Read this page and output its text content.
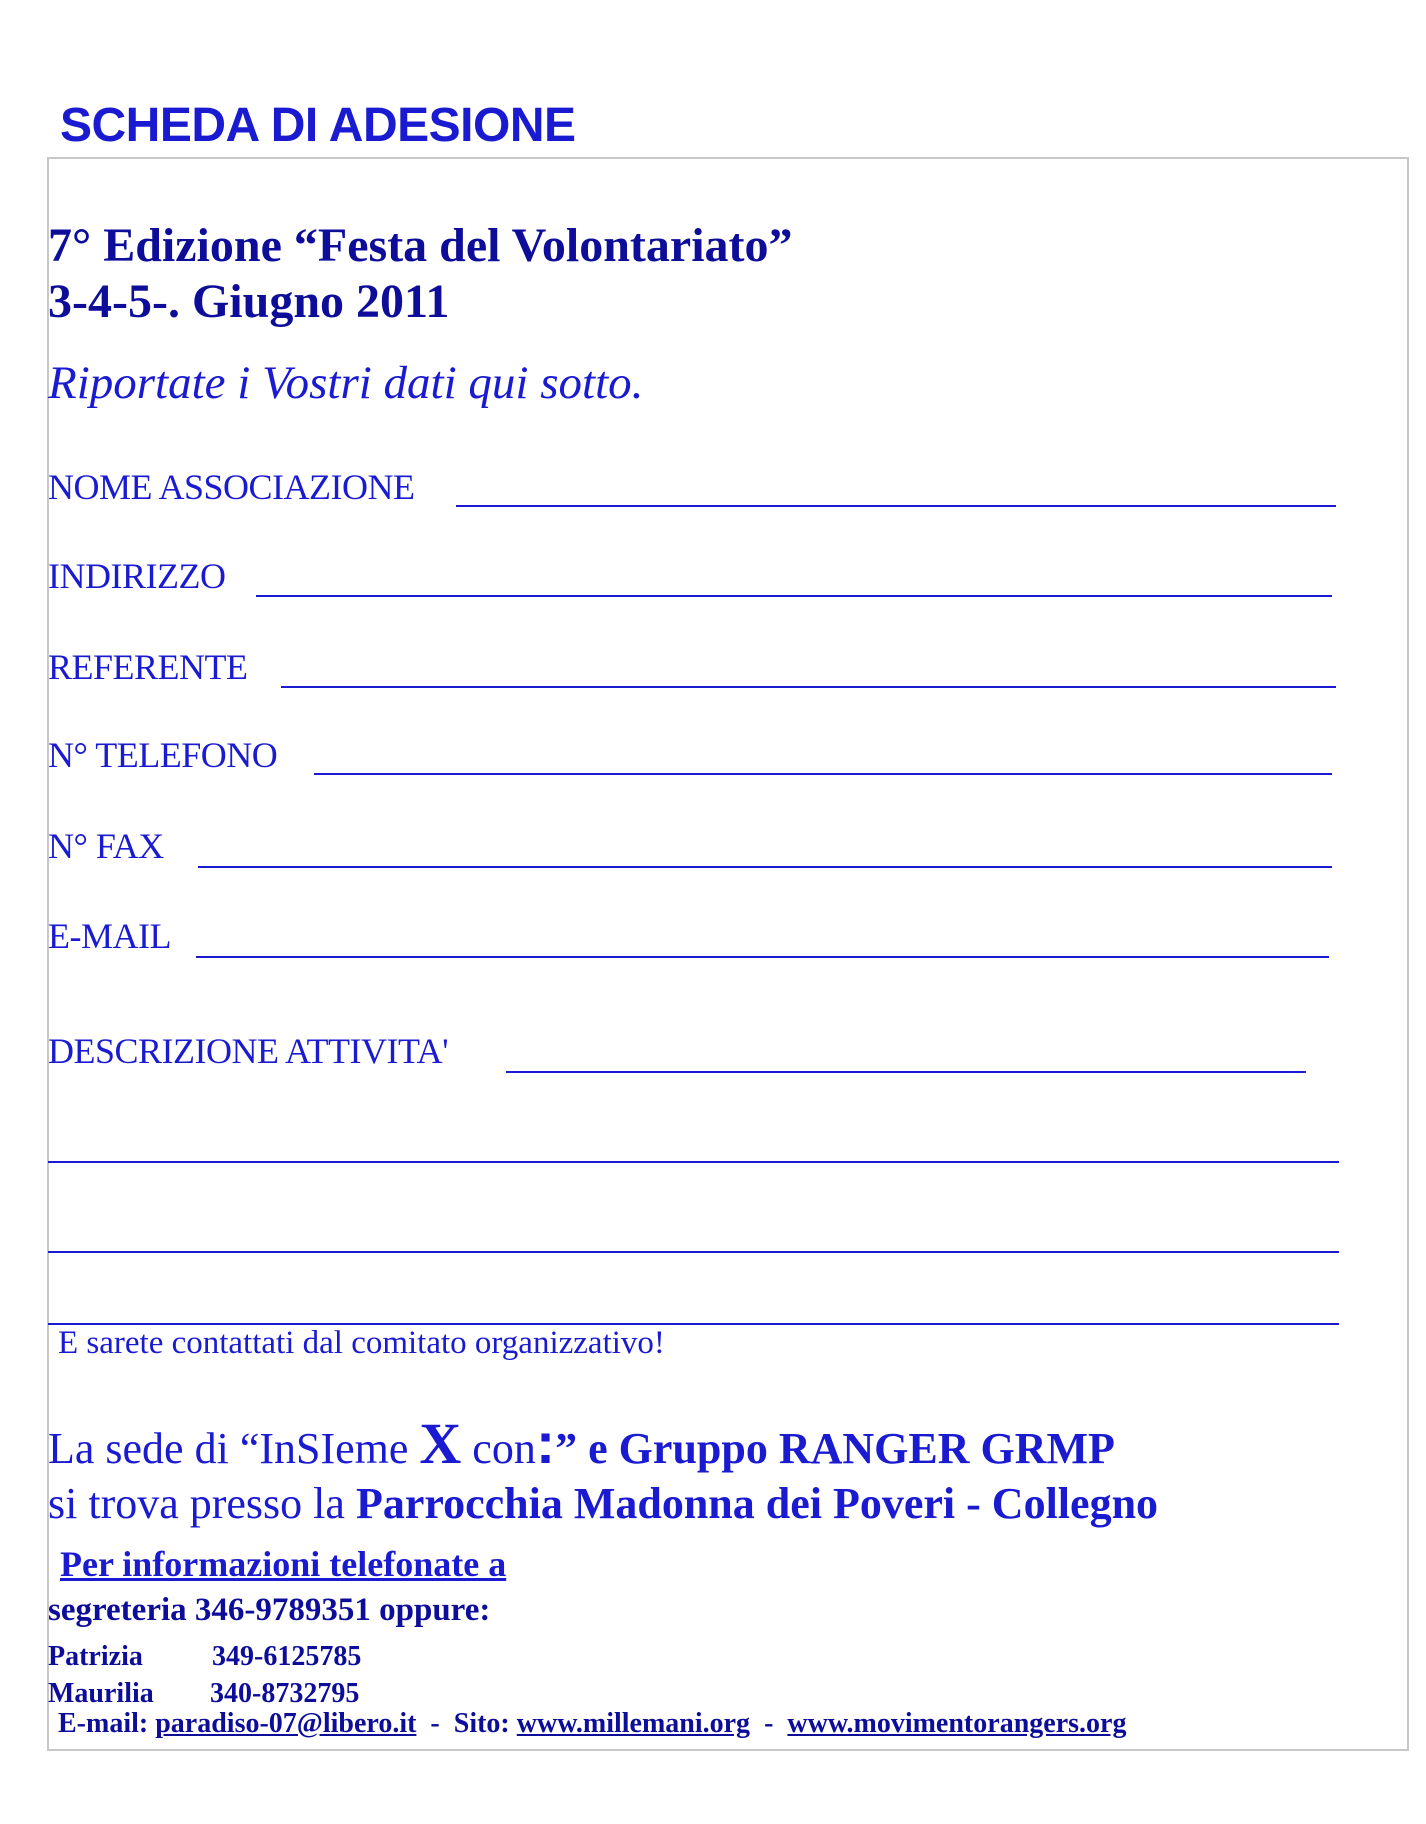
SCHEDA DI ADESIONE
7° Edizione “Festa del Volontariato”
3-4-5-. Giugno 2011
Riportate i Vostri dati qui sotto.
NOME ASSOCIAZIONE
INDIRIZZO
REFERENTE
N° TELEFONO
N° FAX
E-MAIL
DESCRIZIONE ATTIVITA'
E sarete contattati dal comitato organizzativo!
La sede di “InSIeme X con:” e Gruppo RANGER GRMP
si trova presso la Parrocchia Madonna dei Poveri - Collegno
Per informazioni telefonate a
segreteria 346-9789351 oppure:
Patrizia 349-6125785
Maurilia 340-8732795
E-mail: paradiso-07@libero.it - Sito: www.millemani.org - www.movimentorangers.org
